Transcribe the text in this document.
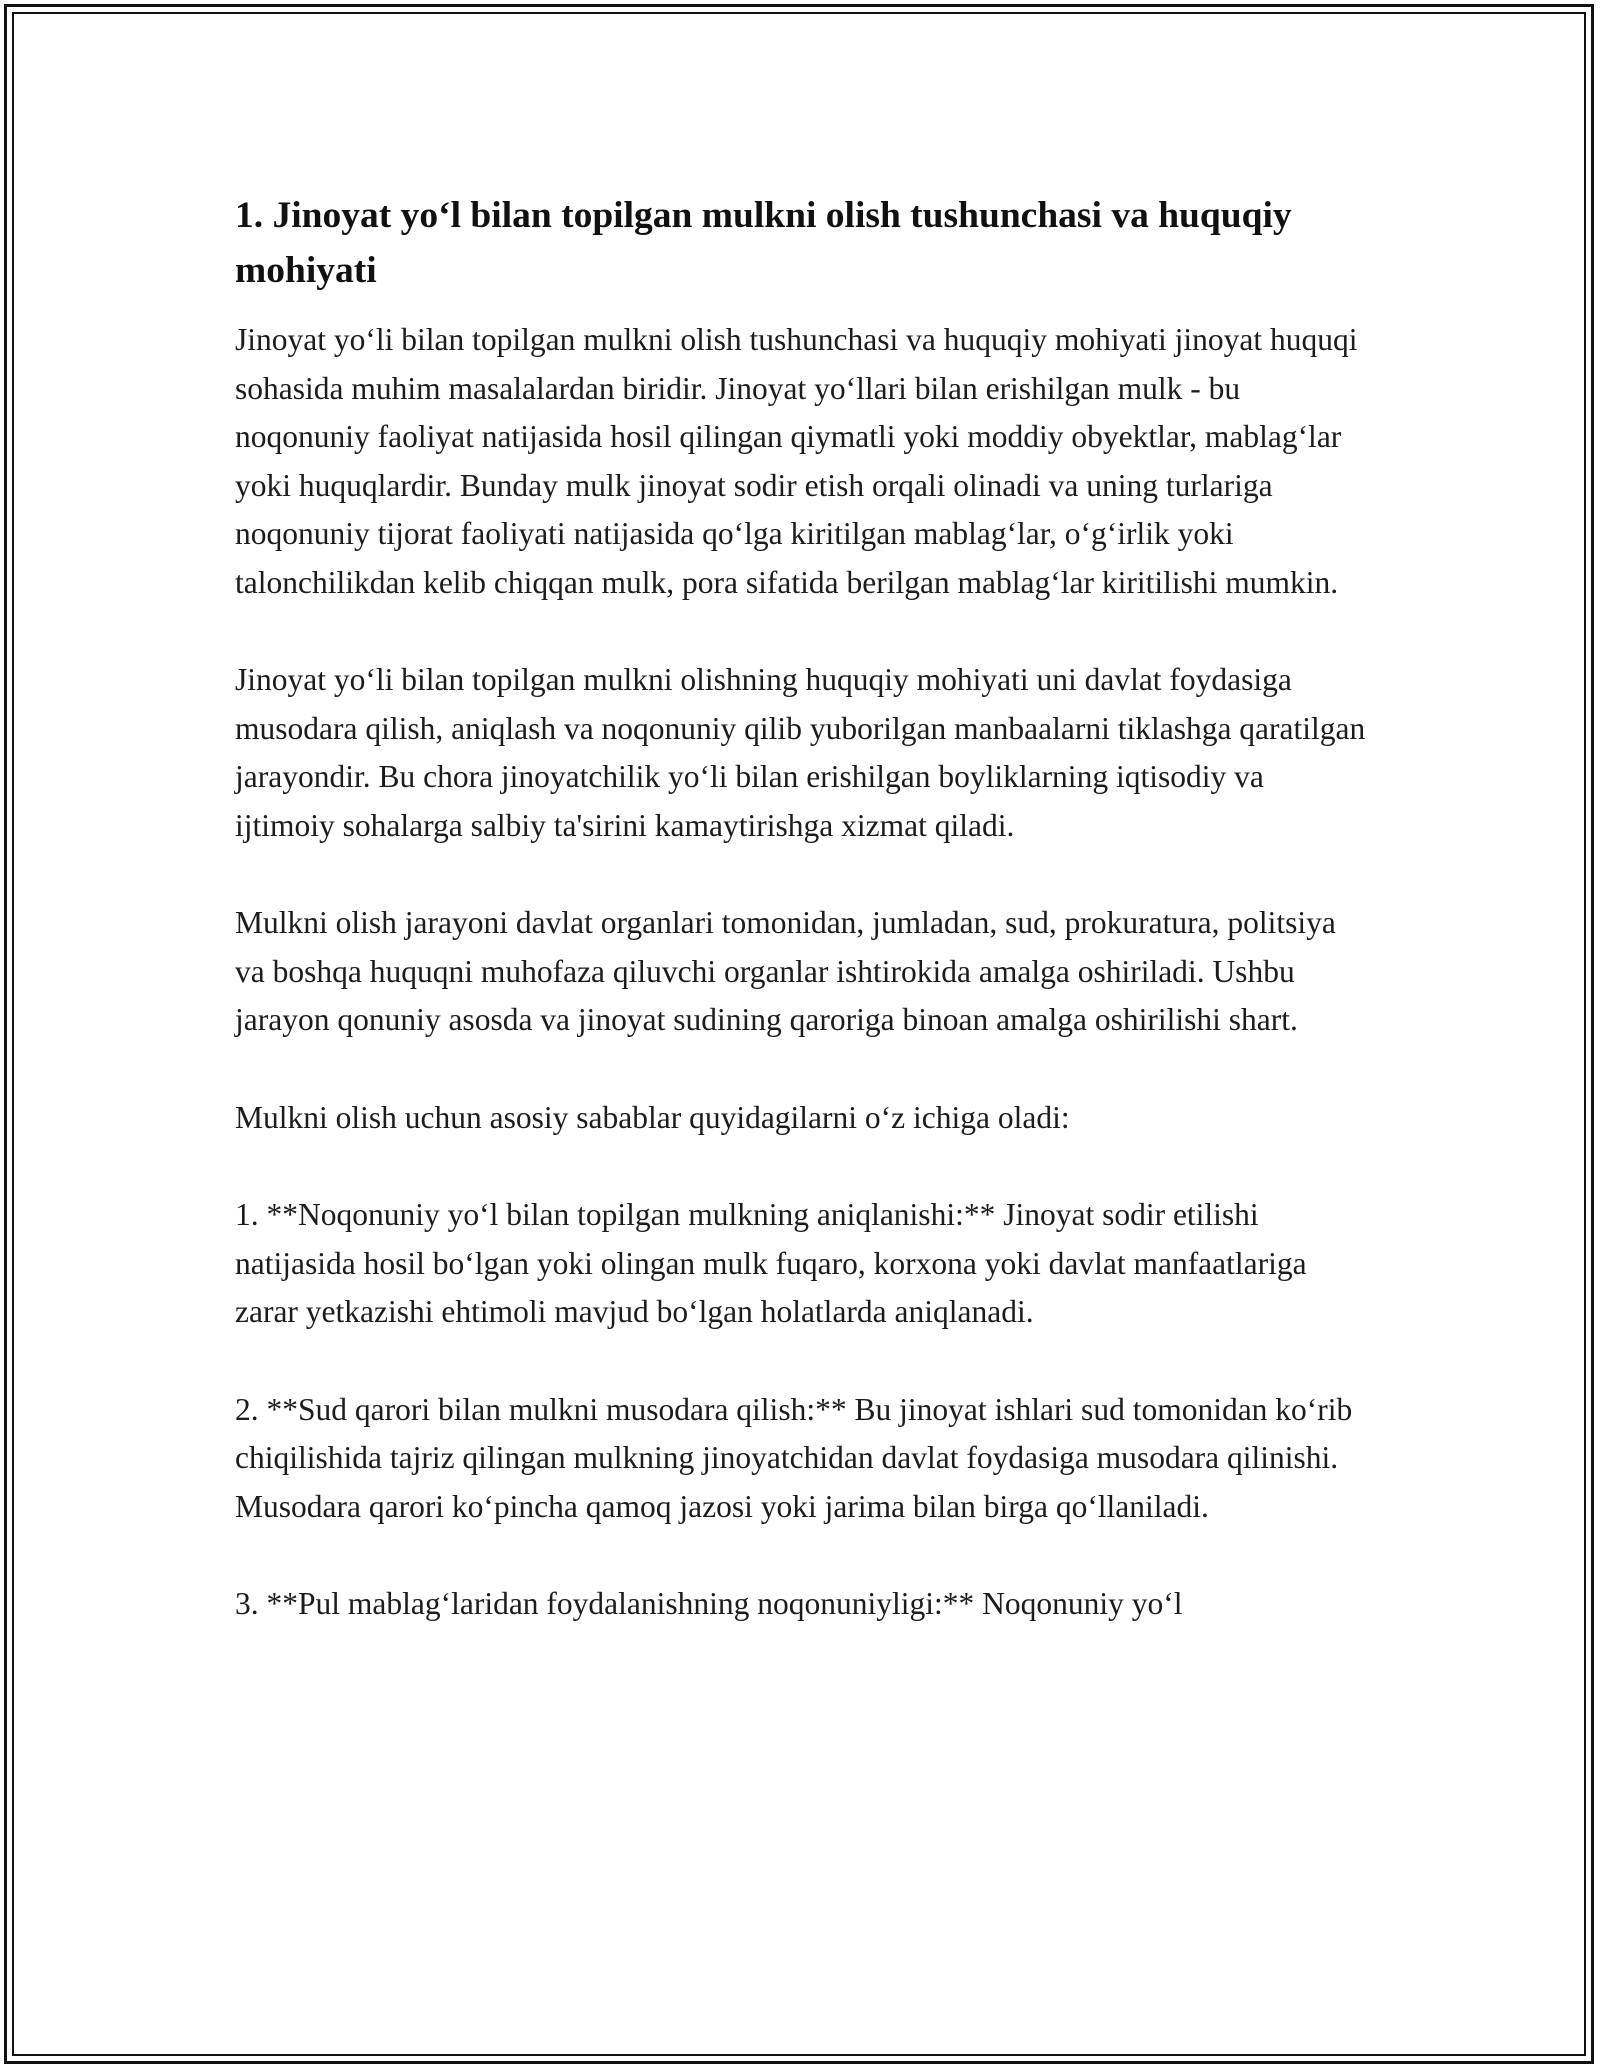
1. Jinoyat yo‘l bilan topilgan mulkni olish tushunchasi va huquqiy mohiyati

Jinoyat yo‘li bilan topilgan mulkni olish tushunchasi va huquqiy mohiyati jinoyat huquqi sohasida muhim masalalardan biridir. Jinoyat yo‘llari bilan erishilgan mulk - bu noqonuniy faoliyat natijasida hosil qilingan qiymatli yoki moddiy obyektlar, mablag‘lar yoki huquqlardir. Bunday mulk jinoyat sodir etish orqali olinadi va uning turlariga noqonuniy tijorat faoliyati natijasida qo‘lga kiritilgan mablag‘lar, o‘g‘irlik yoki talonchilikdan kelib chiqqan mulk, pora sifatida berilgan mablag‘lar kiritilishi mumkin.

Jinoyat yo‘li bilan topilgan mulkni olishning huquqiy mohiyati uni davlat foydasiga musodara qilish, aniqlash va noqonuniy qilib yuborilgan manbaalarni tiklashga qaratilgan jarayondir. Bu chora jinoyatchilik yo‘li bilan erishilgan boyliklarning iqtisodiy va ijtimoiy sohalarga salbiy ta'sirini kamaytirishga xizmat qiladi.

Mulkni olish jarayoni davlat organlari tomonidan, jumladan, sud, prokuratura, politsiya va boshqa huquqni muhofaza qiluvchi organlar ishtirokida amalga oshiriladi. Ushbu jarayon qonuniy asosda va jinoyat sudining qaroriga binoan amalga oshirilishi shart.

Mulkni olish uchun asosiy sabablar quyidagilarni o‘z ichiga oladi:

1. **Noqonuniy yo‘l bilan topilgan mulkning aniqlanishi:** Jinoyat sodir etilishi natijasida hosil bo‘lgan yoki olingan mulk fuqaro, korxona yoki davlat manfaatlariga zarar yetkazishi ehtimoli mavjud bo‘lgan holatlarda aniqlanadi.

2. **Sud qarori bilan mulkni musodara qilish:** Bu jinoyat ishlari sud tomonidan ko‘rib chiqilishida tajriz qilingan mulkning jinoyatchidan davlat foydasiga musodara qilinishi. Musodara qarori ko‘pincha qamoq jazosi yoki jarima bilan birga qo‘llaniladi.

3. **Pul mablag‘laridan foydalanishning noqonuniyligi:** Noqonuniy yo‘l
